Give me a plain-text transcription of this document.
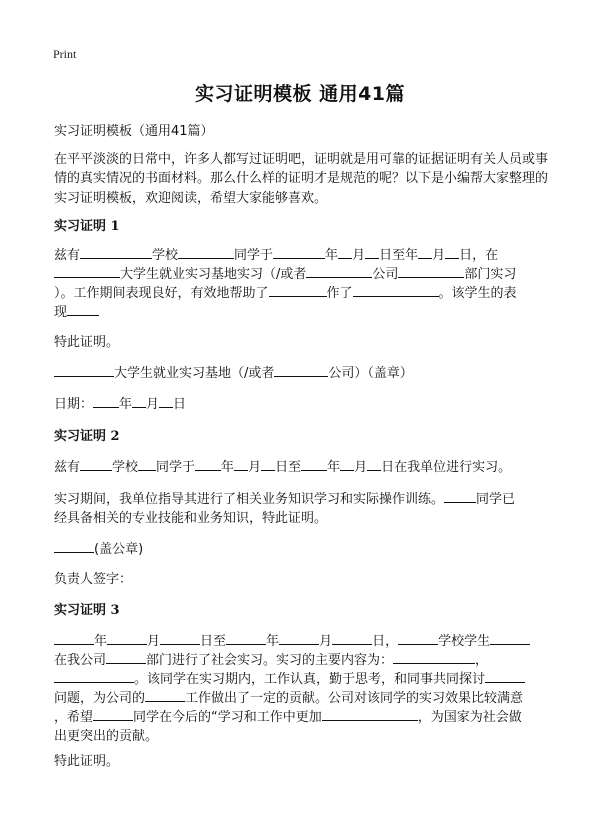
Print
实习证明模板 通用41篇
实习证明模板（通用41篇）
在平平淡淡的日常中，许多人都写过证明吧，证明就是用可靠的证据证明有关人员或事情的真实情况的书面材料。那么什么样的证明才是规范的呢？以下是小编帮大家整理的实习证明模板，欢迎阅读，希望大家能够喜欢。
实习证明 1
兹有	学校	同学于	年 月 日至年 月 日，在
大学生就业实习基地实习（/或者	公司	部门实习
）。工作期间表现良好，有效地帮助了	作了	。该学生的表
现
特此证明。
大学生就业实习基地（/或者	公司）（盖章）
日期： 年 月 日
实习证明 2
兹有 学校 同学于 年 月 日至 年 月 日在我单位进行实习。
实习期间，我单位指导其进行了相关业务知识学习和实际操作训练。 同学已
经具备相关的专业技能和业务知识，特此证明。
(盖公章)
负责人签字：
实习证明 3
年	月	日至	年	月	日，	学校学生
在我公司	部门进行了社会实习。实习的主要内容为：	，
。该同学在实习期内，工作认真，勤于思考，和同事共同探讨
问题，为公司的	工作做出了一定的贡献。公司对该同学的实习效果比较满意
，希望	同学在今后的“学习和工作中更加	，为国家为社会做
出更突出的贡献。
特此证明。
